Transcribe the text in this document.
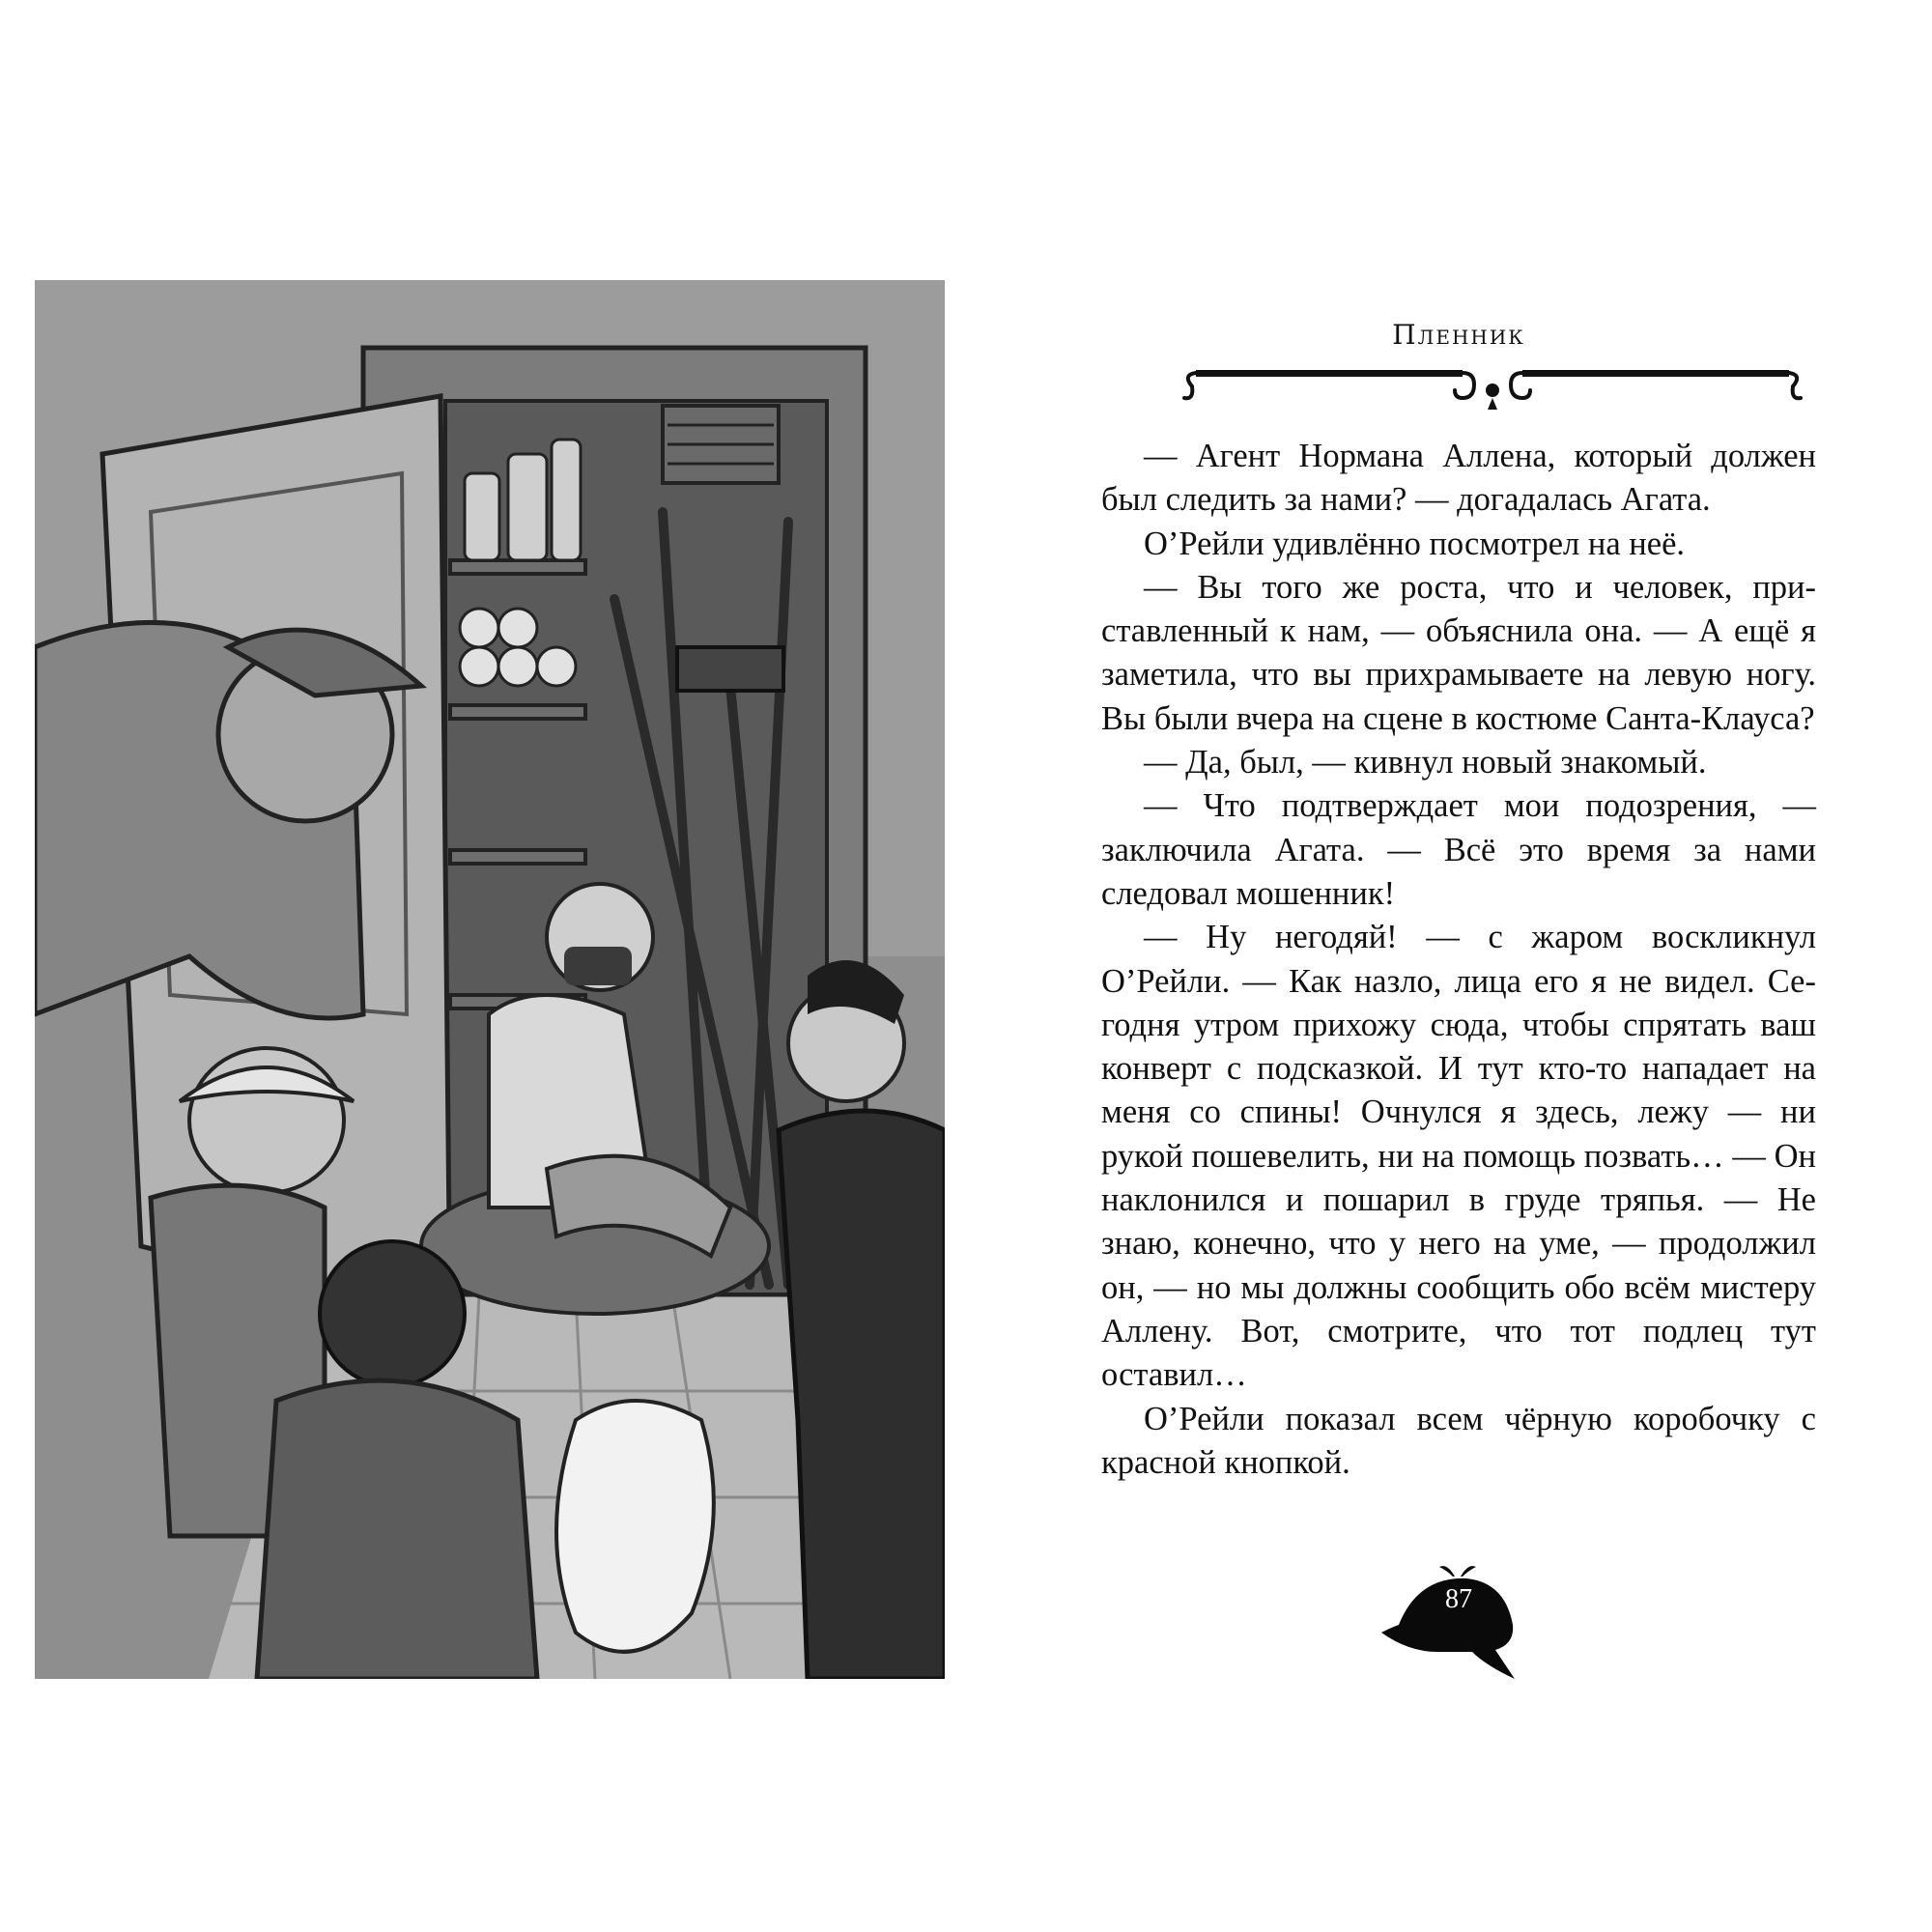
Пленник

— Агент Нормана Аллена, который должен был следить за нами? — догадалась Агата.

О’Рейли удивлённо посмотрел на неё.

— Вы того же роста, что и человек, приставленный к нам, — объяснила она. — А ещё я заметила, что вы прихрамываете на левую ногу. Вы были вчера на сцене в костюме Санта-Клауса?

— Да, был, — кивнул новый знакомый.

— Что подтверждает мои подозрения, — заключила Агата. — Всё это время за нами следовал мошенник!

— Ну негодяй! — с жаром воскликнул О’Рейли. — Как назло, лица его я не видел. Сегодня утром прихожу сюда, чтобы спрятать ваш конверт с подсказкой. И тут кто-то нападает на меня со спины! Очнулся я здесь, лежу — ни рукой пошевелить, ни на помощь позвать… — Он наклонился и пошарил в груде тряпья. — Не знаю, конечно, что у него на уме, — продолжил он, — но мы должны сообщить обо всём мистеру Аллену. Вот, смотрите, что тот подлец тут оставил…

О’Рейли показал всем чёрную коробочку с красной кнопкой.

87
